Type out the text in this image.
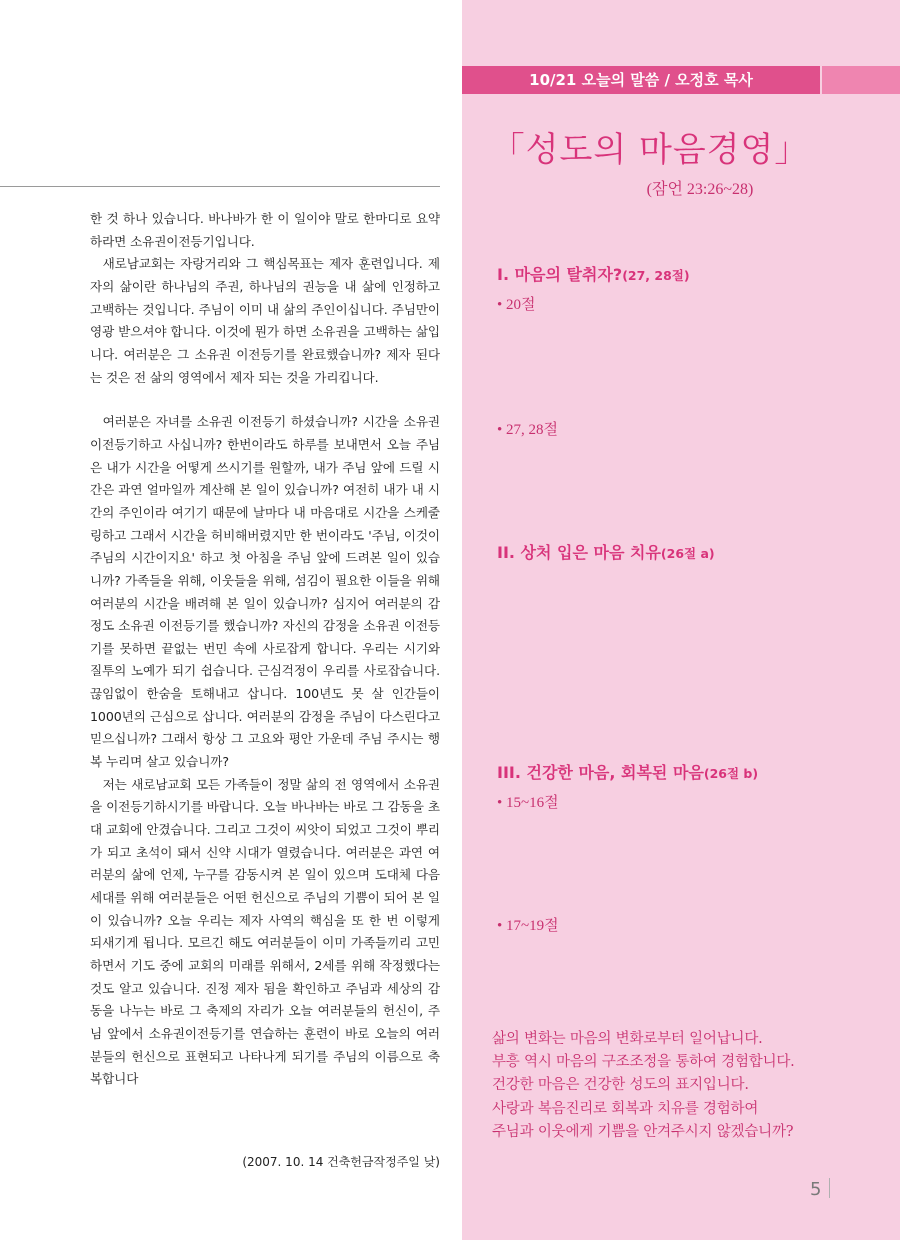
한 것 하나 있습니다. 바나바가 한 이 일이야 말로 한마디로 요약하라면 소유권이전등기입니다.

새로남교회는 자랑거리와 그 핵심목표는 제자 훈련입니다. 제자의 삶이란 하나님의 주권, 하나님의 권능을 내 삶에 인정하고 고백하는 것입니다. 주님이 이미 내 삶의 주인이십니다. 주님만이 영광 받으셔야 합니다. 이것에 뭔가 하면 소유권을 고백하는 삶입니다. 여러분은 그 소유권 이전등기를 완료했습니까? 제자 된다는 것은 전 삶의 영역에서 제자 되는 것을 가리킵니다.

여러분은 자녀를 소유권 이전등기 하셨습니까? 시간을 소유권 이전등기하고 사십니까? 한번이라도 하루를 보내면서 오늘 주님은 내가 시간을 어떻게 쓰시기를 원할까, 내가 주님 앞에 드릴 시간은 과연 얼마일까 계산해 본 일이 있습니까? 여전히 내가 내 시간의 주인이라 여기기 때문에 날마다 내 마음대로 시간을 스케줄링하고 그래서 시간을 허비해버렸지만 한 번이라도 '주님, 이것이 주님의 시간이지요' 하고 첫 아침을 주님 앞에 드려본 일이 있습니까? 가족들을 위해, 이웃들을 위해, 섬김이 필요한 이들을 위해 여러분의 시간을 배려해 본 일이 있습니까? 심지어 여러분의 감정도 소유권 이전등기를 했습니까? 자신의 감정을 소유권 이전등기를 못하면 끝없는 번민 속에 사로잡게 합니다. 우리는 시기와 질투의 노예가 되기 쉽습니다. 근심걱정이 우리를 사로잡습니다. 끊임없이 한숨을 토해내고 삽니다. 100년도 못 살 인간들이 1000년의 근심으로 삽니다. 여러분의 감정을 주님이 다스린다고 믿으십니까? 그래서 항상 그 고요와 평안 가운데 주님 주시는 행복 누리며 살고 있습니까?

저는 새로남교회 모든 가족들이 정말 삶의 전 영역에서 소유권을 이전등기하시기를 바랍니다. 오늘 바나바는 바로 그 감동을 초대 교회에 안겼습니다. 그리고 그것이 씨앗이 되었고 그것이 뿌리가 되고 초석이 돼서 신약 시대가 열렸습니다. 여러분은 과연 여러분의 삶에 언제, 누구를 감동시켜 본 일이 있으며 도대체 다음 세대를 위해 여러분들은 어떤 헌신으로 주님의 기쁨이 되어 본 일이 있습니까? 오늘 우리는 제자 사역의 핵심을 또 한 번 이렇게 되새기게 됩니다. 모르긴 해도 여러분들이 이미 가족들끼리 고민하면서 기도 중에 교회의 미래를 위해서, 2세를 위해 작정했다는 것도 알고 있습니다. 진정 제자 됨을 확인하고 주님과 세상의 감동을 나누는 바로 그 축제의 자리가 오늘 여러분들의 헌신이, 주님 앞에서 소유권이전등기를 연습하는 훈련이 바로 오늘의 여러분들의 헌신으로 표현되고 나타나게 되기를 주님의 이름으로 축복합니다

(2007. 10. 14 건축헌금작정주일 낮)
10/21 오늘의 말씀 / 오정호 목사
「성도의 마음경영」
(잠언 23:26~28)
I. 마음의 탈취자?(27, 28절)
• 20절
• 27, 28절
II. 상처 입은 마음 치유(26절 a)
III. 건강한 마음, 회복된 마음(26절 b)
• 15~16절
• 17~19절
삶의 변화는 마음의 변화로부터 일어납니다.
부흥 역시 마음의 구조조정을 통하여 경험합니다.
건강한 마음은 건강한 성도의 표지입니다.
사랑과 복음진리로 회복과 치유를 경험하여
주님과 이웃에게 기쁨을 안겨주시지 않겠습니까?
5
